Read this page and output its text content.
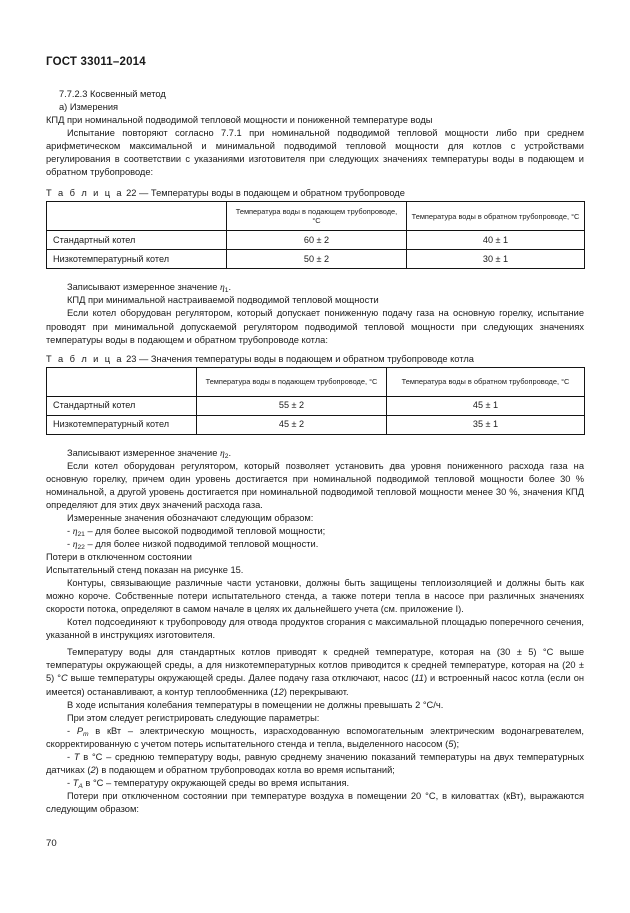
ГОСТ 33011–2014

7.7.2.3 Косвенный метод

а) Измерения

КПД при номинальной подводимой тепловой мощности и пониженной температуре воды

Испытание повторяют согласно 7.7.1 при номинальной подводимой тепловой мощности либо при среднем арифметическом максимальной и минимальной подводимой тепловой мощности для котлов с устройствами регулирования в соответствии с указаниями изготовителя при следующих значениях температуры воды в подающем и обратном трубопроводе:

Т а б л и ц а 22 — Температуры воды в подающем и обратном трубопроводе

	Температура воды в подающем трубопроводе, °С	Температура воды в обратном трубопроводе, °С
Стандартный котел	60 ± 2	40 ± 1
Низкотемпературный котел	50 ± 2	30 ± 1

Записывают измеренное значение $\eta_1$.

КПД при минимальной настраиваемой подводимой тепловой мощности

Если котел оборудован регулятором, который допускает пониженную подачу газа на основную горелку, испытание проводят при минимальной допускаемой регулятором подводимой тепловой мощности при следующих значениях температуры воды в подающем и обратном трубопроводе котла:

Т а б л и ц а 23 — Значения температуры воды в подающем и обратном трубопроводе котла

	Температура воды в подающем трубопроводе, °С	Температура воды в обратном трубопроводе, °С
Стандартный котел	55 ± 2	45 ± 1
Низкотемпературный котел	45 ± 2	35 ± 1

Записывают измеренное значение $\eta_2$.

Если котел оборудован регулятором, который позволяет установить два уровня пониженного расхода газа на основную горелку, причем один уровень достигается при номинальной подводимой тепловой мощности более 30 % номинальной, а другой уровень достигается при номинальной подводимой тепловой мощности менее 30 %, значения КПД определяют для этих двух значений расхода газа.

Измеренные значения обозначают следующим образом:

- $\eta_{21}$ – для более высокой подводимой тепловой мощности;

- $\eta_{22}$ – для более низкой подводимой тепловой мощности.

Потери в отключенном состоянии

Испытательный стенд показан на рисунке 15.

Контуры, связывающие различные части установки, должны быть защищены теплоизоляцией и должны быть как можно короче. Собственные потери испытательного стенда, а также потери тепла в насосе при различных значениях скорости потока, определяют в самом начале в целях их дальнейшего учета (см. приложение I).

Котел подсоединяют к трубопроводу для отвода продуктов сгорания с максимальной площадью поперечного сечения, указанной в инструкциях изготовителя.

Температуру воды для стандартных котлов приводят к средней температуре, которая на (30 ± 5) °С выше температуры окружающей среды, а для низкотемпературных котлов приводится к средней температуре, которая на (20 ± 5) °С выше температуры окружающей среды. Далее подачу газа отключают, насос (11) и встроенный насос котла (если он имеется) останавливают, а контур теплообменника (12) перекрывают.

В ходе испытания колебания температуры в помещении не должны превышать 2 °С/ч.

При этом следует регистрировать следующие параметры:

- $P_m$ в кВт – электрическую мощность, израсходованную вспомогательным электрическим водонагревателем, скорректированную с учетом потерь испытательного стенда и тепла, выделенного насосом (5);

- T в °С – среднюю температуру воды, равную среднему значению показаний температуры на двух температурных датчиках (2) в подающем и обратном трубопроводах котла во время испытаний;

- $T_А$ в °С – температуру окружающей среды во время испытания.

Потери при отключенном состоянии при температуре воздуха в помещении 20 °С, в киловаттах (кВт), выражаются следующим образом:

70
